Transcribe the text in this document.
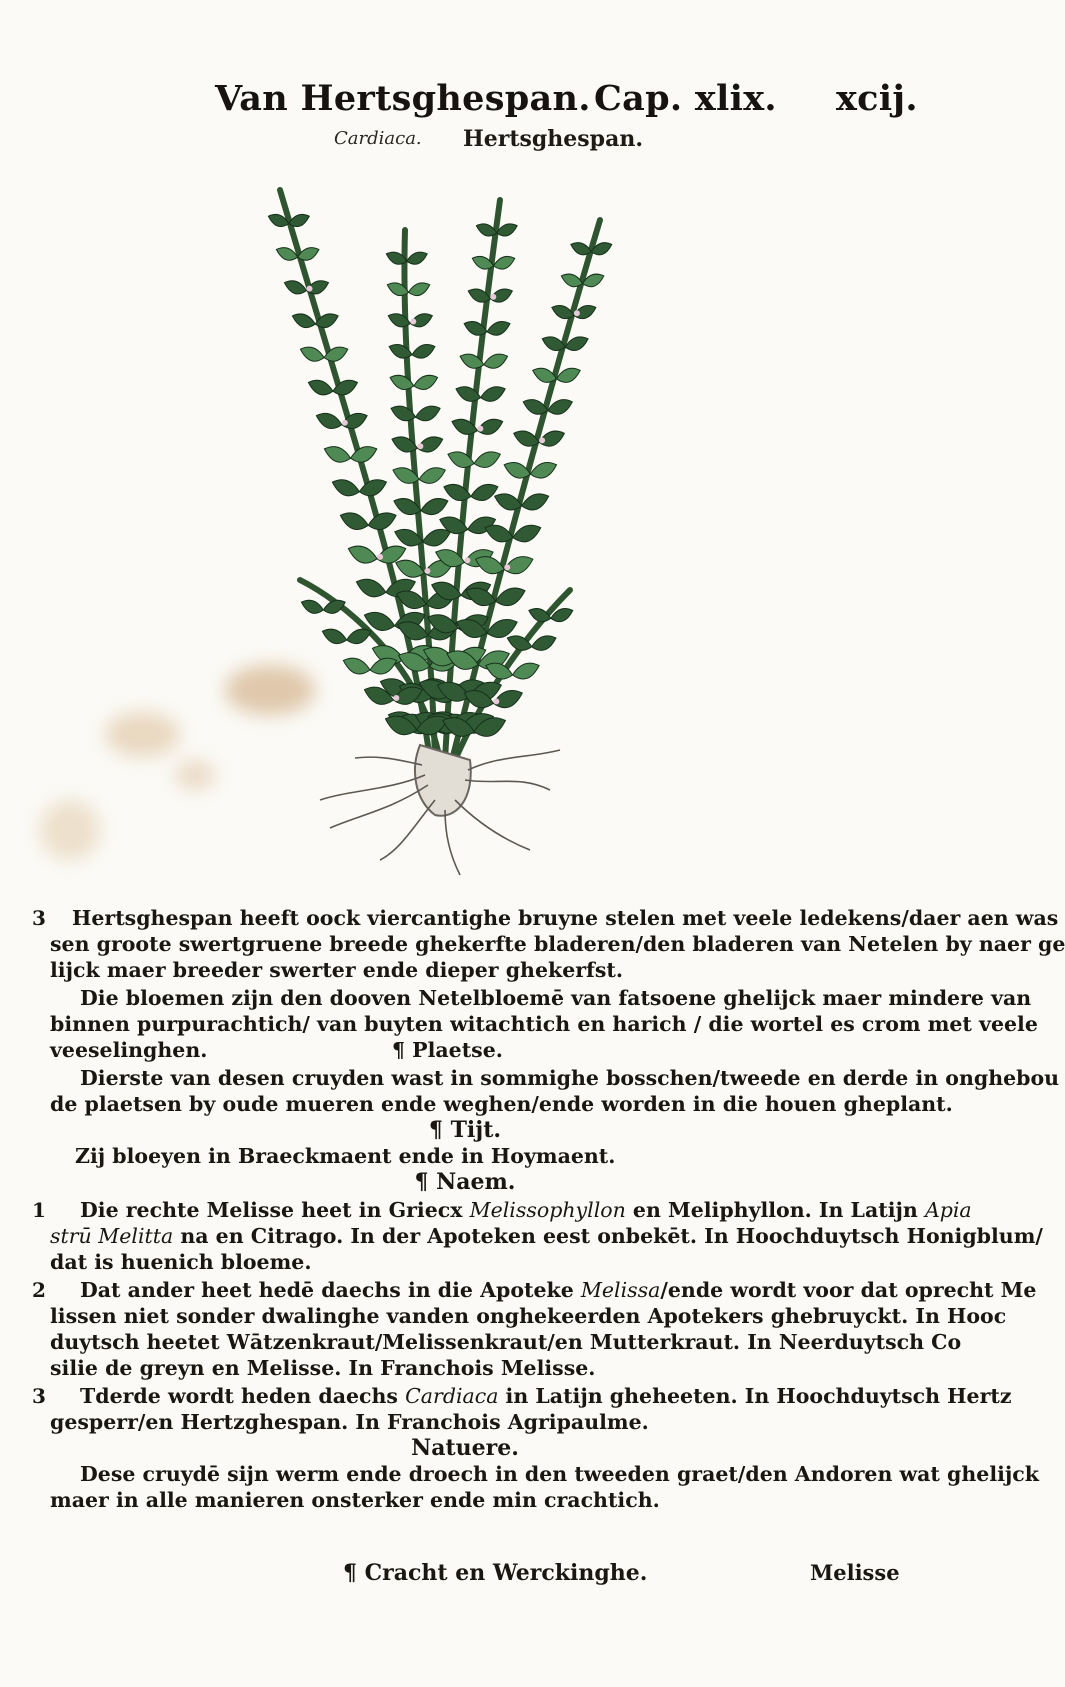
Van Hertsghespan. Cap. xlix. xcij.
Cardiaca. Hertsghespan.
3 Hertsghespan heeft oock viercantighe bruyne stelen met veele ledekens/daer aen was
sen groote swertgruene breede ghekerfte bladeren/den bladeren van Netelen by naer ge
lijck maer breeder swerter ende dieper ghekerfst.
Die bloemen zijn den dooven Netelbloemē van fatsoene ghelijck maer mindere van
binnen purpurachtich/ van buyten witachtich en harich / die wortel es crom met veele
veeselinghen.	¶ Plaetse.
Dierste van desen cruyden wast in sommighe bosschen/tweede en derde in onghebou
de plaetsen by oude mueren ende weghen/ende worden in die houen gheplant.
¶ Tijt.
Zij bloeyen in Braeckmaent ende in Hoymaent.
¶ Naem.
1 Die rechte Melisse heet in Griecx Melissophyllon en Meliphyllon. In Latijn Apia
strū Melitta na en Citrago. In der Apoteken eest onbekēt. In Hoochduytsch Honigblum/
dat is huenich bloeme.
2 Dat ander heet hedē daechs in die Apoteke Melissa/ende wordt voor dat oprecht Me
lissen niet sonder dwalinghe vanden onghekeerden Apotekers ghebruyckt. In Hooc
duytsch heetet Wātzenkraut/Melissenkraut/en Mutterkraut. In Neerduytsch Co
silie de greyn en Melisse. In Franchois Melisse.
3 Tderde wordt heden daechs Cardiaca in Latijn gheheeten. In Hoochduytsch Hertz
gesperr/en Hertzghespan. In Franchois Agripaulme.
Natuere.
Dese cruydē sijn werm ende droech in den tweeden graet/den Andoren wat ghelijck
maer in alle manieren onsterker ende min crachtich.
¶ Cracht en Werckinghe.	Melisse
